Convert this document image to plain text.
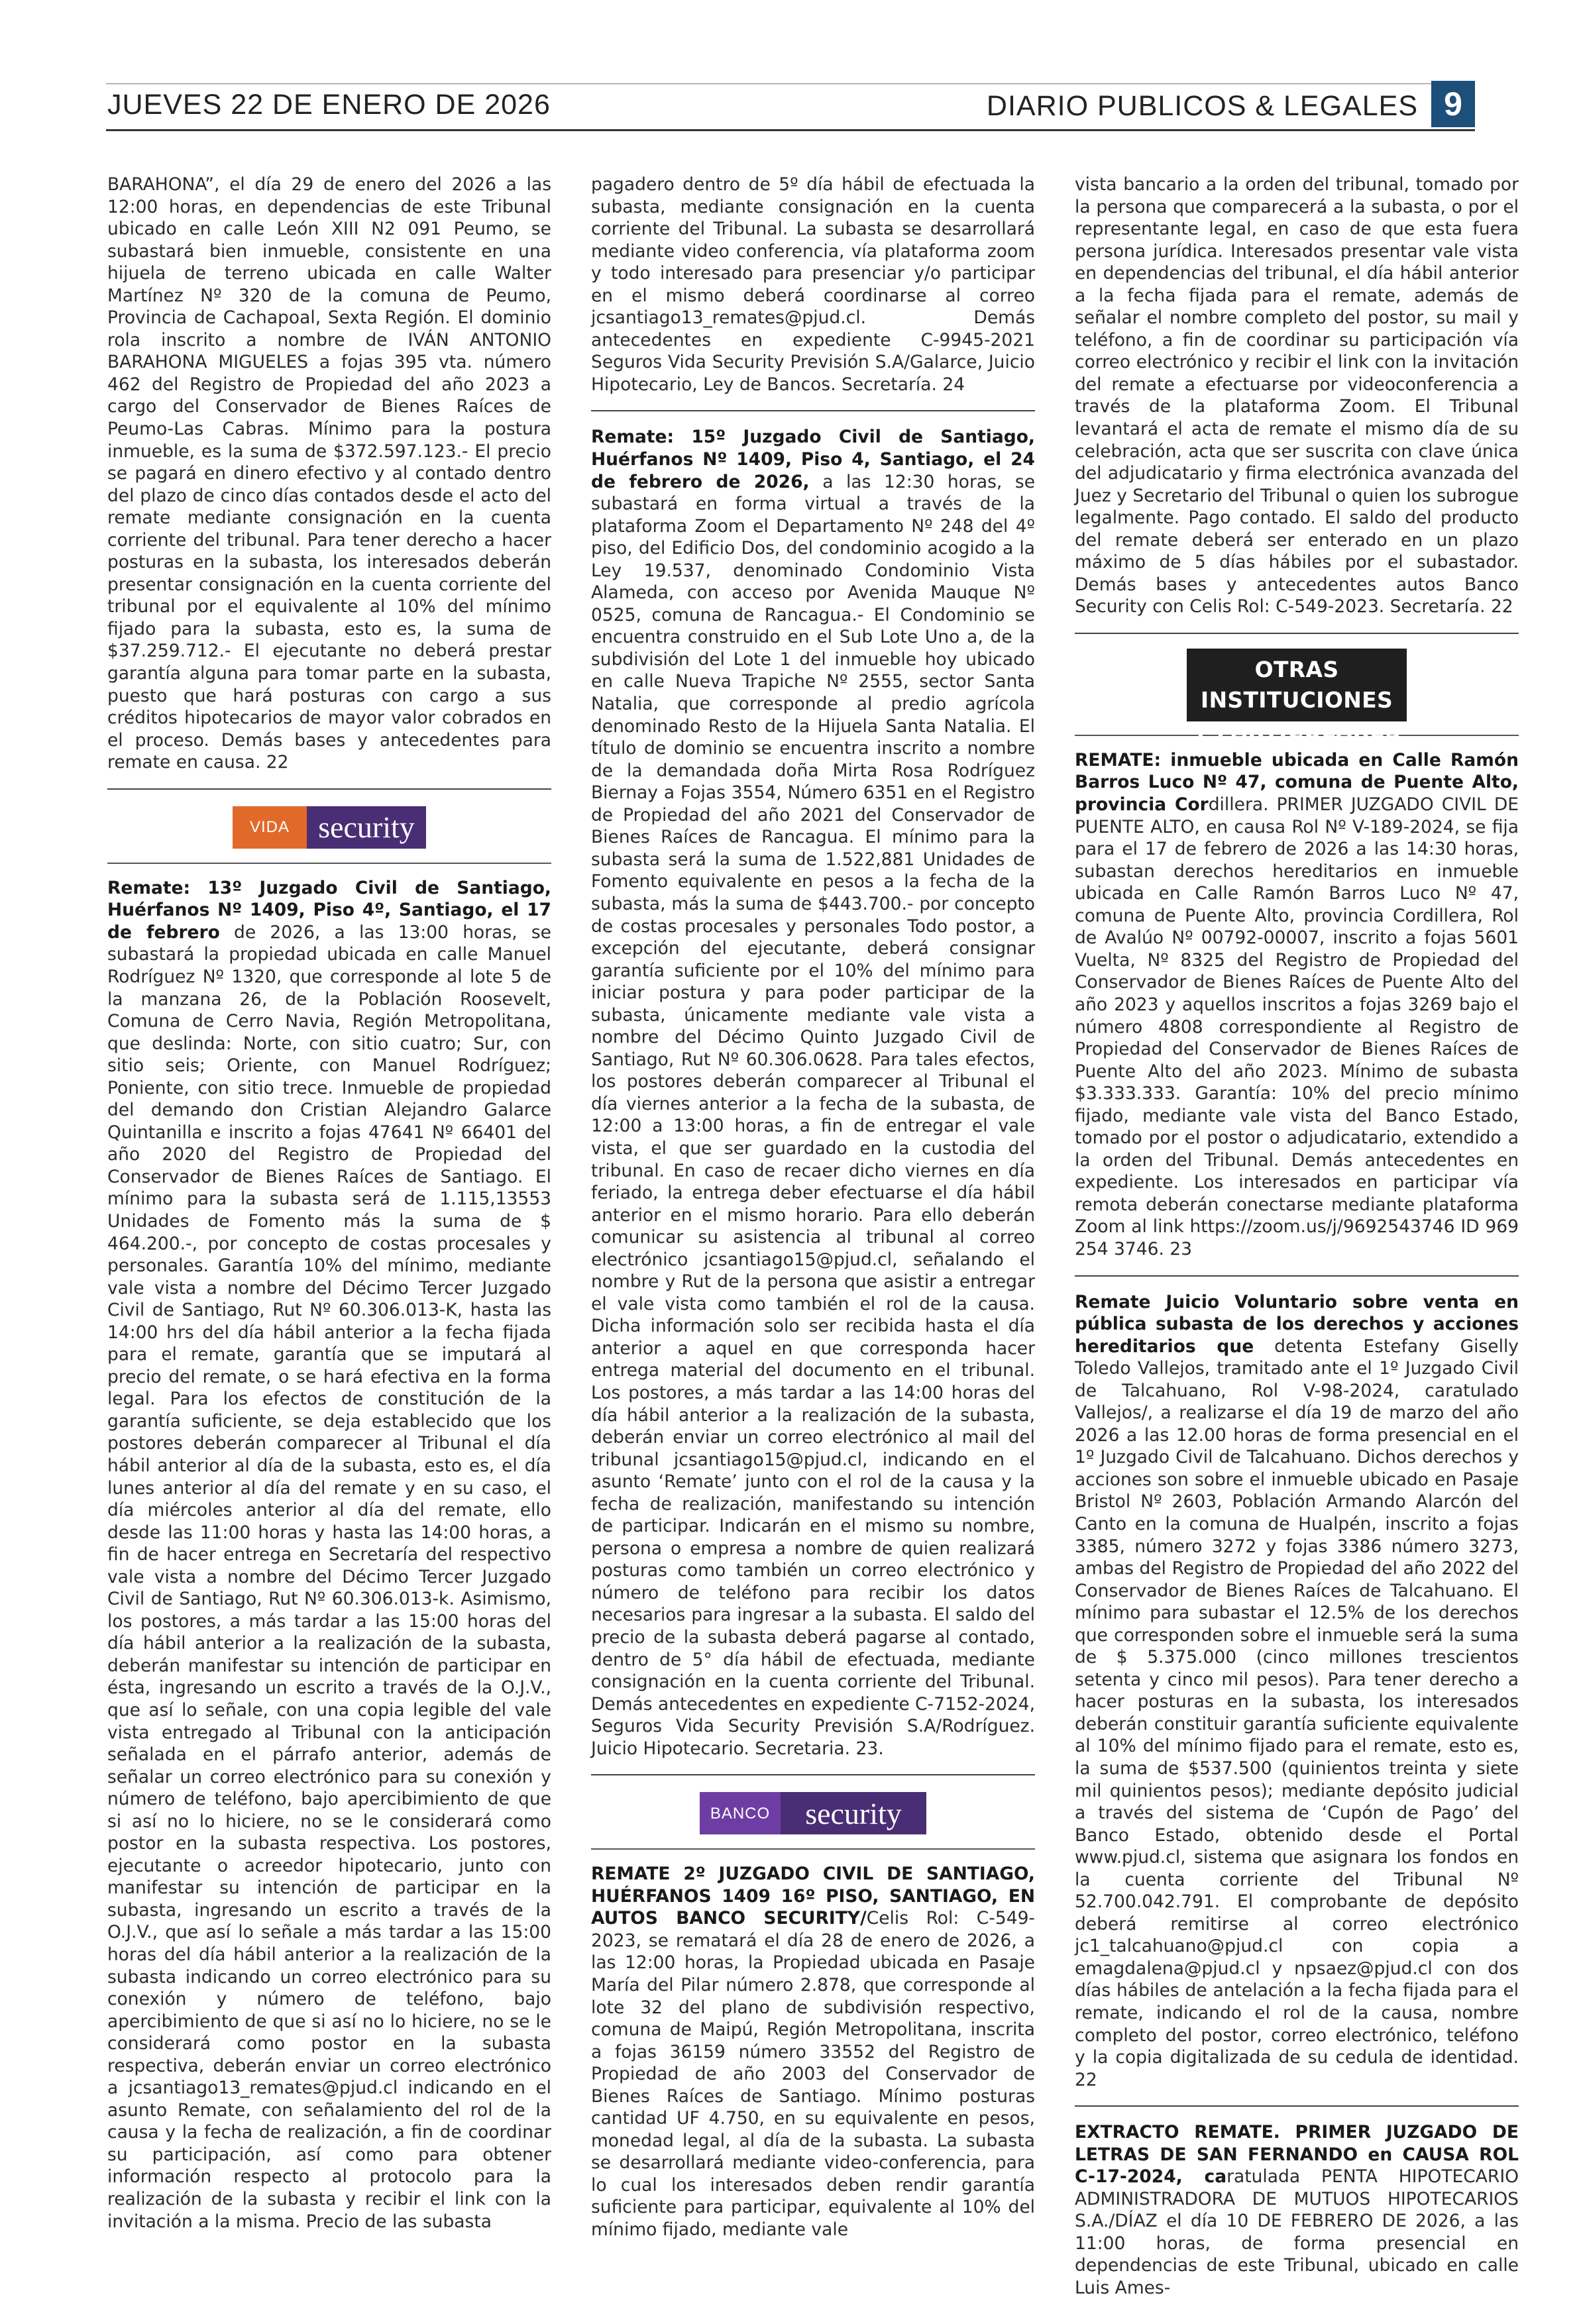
JUEVES 22 DE ENERO DE 2026	DIARIO PUBLICOS & LEGALES 9

BARAHONA”, el día 29 de enero del 2026 a las 12:00 horas, en dependencias de este Tribunal ubicado en calle León XIII N2 091 Peumo, se subastará bien inmueble, consistente en una hijuela de terreno ubicada en calle Walter Martínez Nº 320 de la comuna de Peumo, Provincia de Cachapoal, Sexta Región. El dominio rola inscrito a nombre de IVÁN ANTONIO BARAHONA MIGUELES a fojas 395 vta. número 462 del Registro de Propiedad del año 2023 a cargo del Conservador de Bienes Raíces de Peumo-Las Cabras. Mínimo para la postura inmueble, es la suma de $372.597.123.- El precio se pagará en dinero efectivo y al contado dentro del plazo de cinco días contados desde el acto del remate mediante consignación en la cuenta corriente del tribunal. Para tener derecho a hacer posturas en la subasta, los interesados deberán presentar consignación en la cuenta corriente del tribunal por el equivalente al 10% del mínimo fijado para la subasta, esto es, la suma de $37.259.712.- El ejecutante no deberá prestar garantía alguna para tomar parte en la subasta, puesto que hará posturas con cargo a sus créditos hipotecarios de mayor valor cobrados en el proceso. Demás bases y antecedentes para remate en causa. 22

VIDA security

Remate: 13º Juzgado Civil de Santiago, Huérfanos Nº 1409, Piso 4º, Santiago, el 17 de febrero de 2026, a las 13:00 horas, se subastará la propiedad ubicada en calle Manuel Rodríguez Nº 1320, que corresponde al lote 5 de la manzana 26, de la Población Roosevelt, Comuna de Cerro Navia, Región Metropolitana, que deslinda: Norte, con sitio cuatro; Sur, con sitio seis; Oriente, con Manuel Rodríguez; Poniente, con sitio trece. Inmueble de propiedad del demando don Cristian Alejandro Galarce Quintanilla e inscrito a fojas 47641 Nº 66401 del año 2020 del Registro de Propiedad del Conservador de Bienes Raíces de Santiago. El mínimo para la subasta será de 1.115,13553 Unidades de Fomento más la suma de $ 464.200.-, por concepto de costas procesales y personales. Garantía 10% del mínimo, mediante vale vista a nombre del Décimo Tercer Juzgado Civil de Santiago, Rut Nº 60.306.013-K, hasta las 14:00 hrs del día hábil anterior a la fecha fijada para el remate, garantía que se imputará al precio del remate, o se hará efectiva en la forma legal. Para los efectos de constitución de la garantía suficiente, se deja establecido que los postores deberán comparecer al Tribunal el día hábil anterior al día de la subasta, esto es, el día lunes anterior al día del remate y en su caso, el día miércoles anterior al día del remate, ello desde las 11:00 horas y hasta las 14:00 horas, a fin de hacer entrega en Secretaría del respectivo vale vista a nombre del Décimo Tercer Juzgado Civil de Santiago, Rut Nº 60.306.013-k. Asimismo, los postores, a más tardar a las 15:00 horas del día hábil anterior a la realización de la subasta, deberán manifestar su intención de participar en ésta, ingresando un escrito a través de la O.J.V., que así lo señale, con una copia legible del vale vista entregado al Tribunal con la anticipación señalada en el párrafo anterior, además de señalar un correo electrónico para su conexión y número de teléfono, bajo apercibimiento de que si así no lo hiciere, no se le considerará como postor en la subasta respectiva. Los postores, ejecutante o acreedor hipotecario, junto con manifestar su intención de participar en la subasta, ingresando un escrito a través de la O.J.V., que así lo señale a más tardar a las 15:00 horas del día hábil anterior a la realización de la subasta indicando un correo electrónico para su conexión y número de teléfono, bajo apercibimiento de que si así no lo hiciere, no se le considerará como postor en la subasta respectiva, deberán enviar un correo electrónico a jcsantiago13_remates@pjud.cl indicando en el asunto Remate, con señalamiento del rol de la causa y la fecha de realización, a fin de coordinar su participación, así como para obtener información respecto al protocolo para la realización de la subasta y recibir el link con la invitación a la misma. Precio de las subasta

pagadero dentro de 5º día hábil de efectuada la subasta, mediante consignación en la cuenta corriente del Tribunal. La subasta se desarrollará mediante video conferencia, vía plataforma zoom y todo interesado para presenciar y/o participar en el mismo deberá coordinarse al correo jcsantiago13_remates@pjud.cl. Demás antecedentes en expediente C-9945-2021 Seguros Vida Security Previsión S.A/Galarce, Juicio Hipotecario, Ley de Bancos. Secretaría. 24

Remate: 15º Juzgado Civil de Santiago, Huérfanos Nº 1409, Piso 4, Santiago, el 24 de febrero de 2026, a las 12:30 horas, se subastará en forma virtual a través de la plataforma Zoom el Departamento Nº 248 del 4º piso, del Edificio Dos, del condominio acogido a la Ley 19.537, denominado Condominio Vista Alameda, con acceso por Avenida Mauque Nº 0525, comuna de Rancagua.- El Condominio se encuentra construido en el Sub Lote Uno a, de la subdivisión del Lote 1 del inmueble hoy ubicado en calle Nueva Trapiche Nº 2555, sector Santa Natalia, que corresponde al predio agrícola denominado Resto de la Hijuela Santa Natalia. El título de dominio se encuentra inscrito a nombre de la demandada doña Mirta Rosa Rodríguez Biernay a Fojas 3554, Número 6351 en el Registro de Propiedad del año 2021 del Conservador de Bienes Raíces de Rancagua. El mínimo para la subasta será la suma de 1.522,881 Unidades de Fomento equivalente en pesos a la fecha de la subasta, más la suma de $443.700.- por concepto de costas procesales y personales Todo postor, a excepción del ejecutante, deberá consignar garantía suficiente por el 10% del mínimo para iniciar postura y para poder participar de la subasta, únicamente mediante vale vista a nombre del Décimo Quinto Juzgado Civil de Santiago, Rut Nº 60.306.0628. Para tales efectos, los postores deberán comparecer al Tribunal el día viernes anterior a la fecha de la subasta, de 12:00 a 13:00 horas, a fin de entregar el vale vista, el que ser guardado en la custodia del tribunal. En caso de recaer dicho viernes en día feriado, la entrega deber efectuarse el día hábil anterior en el mismo horario. Para ello deberán comunicar su asistencia al tribunal al correo electrónico jcsantiago15@pjud.cl, señalando el nombre y Rut de la persona que asistir a entregar el vale vista como también el rol de la causa. Dicha información solo ser recibida hasta el día anterior a aquel en que corresponda hacer entrega material del documento en el tribunal. Los postores, a más tardar a las 14:00 horas del día hábil anterior a la realización de la subasta, deberán enviar un correo electrónico al mail del tribunal jcsantiago15@pjud.cl, indicando en el asunto ‘Remate’ junto con el rol de la causa y la fecha de realización, manifestando su intención de participar. Indicarán en el mismo su nombre, persona o empresa a nombre de quien realizará posturas como también un correo electrónico y número de teléfono para recibir los datos necesarios para ingresar a la subasta. El saldo del precio de la subasta deberá pagarse al contado, dentro de 5° día hábil de efectuada, mediante consignación en la cuenta corriente del Tribunal. Demás antecedentes en expediente C-7152-2024, Seguros Vida Security Previsión S.A/Rodríguez. Juicio Hipotecario. Secretaria. 23.

BANCO	security

REMATE 2º JUZGADO CIVIL DE SANTIAGO, HUÉRFANOS 1409 16º PISO, SANTIAGO, EN AUTOS BANCO SECURITY/Celis Rol: C-549-2023, se rematará el día 28 de enero de 2026, a las 12:00 horas, la Propiedad ubicada en Pasaje María del Pilar número 2.878, que corresponde al lote 32 del plano de subdivisión respectivo, comuna de Maipú, Región Metropolitana, inscrita a fojas 36159 número 33552 del Registro de Propiedad de año 2003 del Conservador de Bienes Raíces de Santiago. Mínimo posturas cantidad UF 4.750, en su equivalente en pesos, monedad legal, al día de la subasta. La subasta se desarrollará mediante video-conferencia, para lo cual los interesados deben rendir garantía suficiente para participar, equivalente al 10% del mínimo fijado, mediante vale

vista bancario a la orden del tribunal, tomado por la persona que comparecerá a la subasta, o por el representante legal, en caso de que esta fuera persona jurídica. Interesados presentar vale vista en dependencias del tribunal, el día hábil anterior a la fecha fijada para el remate, además de señalar el nombre completo del postor, su mail y teléfono, a fin de coordinar su participación vía correo electrónico y recibir el link con la invitación del remate a efectuarse por videoconferencia a través de la plataforma Zoom. El Tribunal levantará el acta de remate el mismo día de su celebración, acta que ser suscrita con clave única del adjudicatario y firma electrónica avanzada del Juez y Secretario del Tribunal o quien los subrogue legalmente. Pago contado. El saldo del producto del remate deberá ser enterado en un plazo máximo de 5 días hábiles por el subastador. Demás bases y antecedentes autos Banco Security con Celis Rol: C-549-2023. Secretaría. 22

OTRAS INSTITUCIONES
Y PARTICULARES

REMATE: inmueble ubicada en Calle Ramón Barros Luco Nº 47, comuna de Puente Alto, provincia Cordillera. PRIMER JUZGADO CIVIL DE PUENTE ALTO, en causa Rol Nº V-189-2024, se fija para el 17 de febrero de 2026 a las 14:30 horas, subastan derechos hereditarios en inmueble ubicada en Calle Ramón Barros Luco Nº 47, comuna de Puente Alto, provincia Cordillera, Rol de Avalúo Nº 00792-00007, inscrito a fojas 5601 Vuelta, Nº 8325 del Registro de Propiedad del Conservador de Bienes Raíces de Puente Alto del año 2023 y aquellos inscritos a fojas 3269 bajo el número 4808 correspondiente al Registro de Propiedad del Conservador de Bienes Raíces de Puente Alto del año 2023. Mínimo de subasta $3.333.333. Garantía: 10% del precio mínimo fijado, mediante vale vista del Banco Estado, tomado por el postor o adjudicatario, extendido a la orden del Tribunal. Demás antecedentes en expediente. Los interesados en participar vía remota deberán conectarse mediante plataforma Zoom al link https://zoom.us/j/9692543746 ID 969 254 3746. 23

Remate Juicio Voluntario sobre venta en pública subasta de los derechos y acciones hereditarios que detenta Estefany Giselly Toledo Vallejos, tramitado ante el 1º Juzgado Civil de Talcahuano, Rol V-98-2024, caratulado Vallejos/, a realizarse el día 19 de marzo del año 2026 a las 12.00 horas de forma presencial en el 1º Juzgado Civil de Talcahuano. Dichos derechos y acciones son sobre el inmueble ubicado en Pasaje Bristol Nº 2603, Población Armando Alarcón del Canto en la comuna de Hualpén, inscrito a fojas 3385, número 3272 y fojas 3386 número 3273, ambas del Registro de Propiedad del año 2022 del Conservador de Bienes Raíces de Talcahuano. El mínimo para subastar el 12.5% de los derechos que corresponden sobre el inmueble será la suma de $ 5.375.000 (cinco millones trescientos setenta y cinco mil pesos). Para tener derecho a hacer posturas en la subasta, los interesados deberán constituir garantía suficiente equivalente al 10% del mínimo fijado para el remate, esto es, la suma de $537.500 (quinientos treinta y siete mil quinientos pesos); mediante depósito judicial a través del sistema de ‘Cupón de Pago’ del Banco Estado, obtenido desde el Portal www.pjud.cl, sistema que asignara los fondos en la cuenta corriente del Tribunal Nº 52.700.042.791. El comprobante de depósito deberá remitirse al correo electrónico jc1_talcahuano@pjud.cl con copia a emagdalena@pjud.cl y npsaez@pjud.cl con dos días hábiles de antelación a la fecha fijada para el remate, indicando el rol de la causa, nombre completo del postor, correo electrónico, teléfono y la copia digitalizada de su cedula de identidad. 22

EXTRACTO REMATE. PRIMER JUZGADO DE LETRAS DE SAN FERNANDO en CAUSA ROL C-17-2024, caratulada PENTA HIPOTECARIO ADMINISTRADORA DE MUTUOS HIPOTECARIOS S.A./DÍAZ el día 10 DE FEBRERO DE 2026, a las 11:00 horas, de forma presencial en dependencias de este Tribunal, ubicado en calle Luis Ames-
